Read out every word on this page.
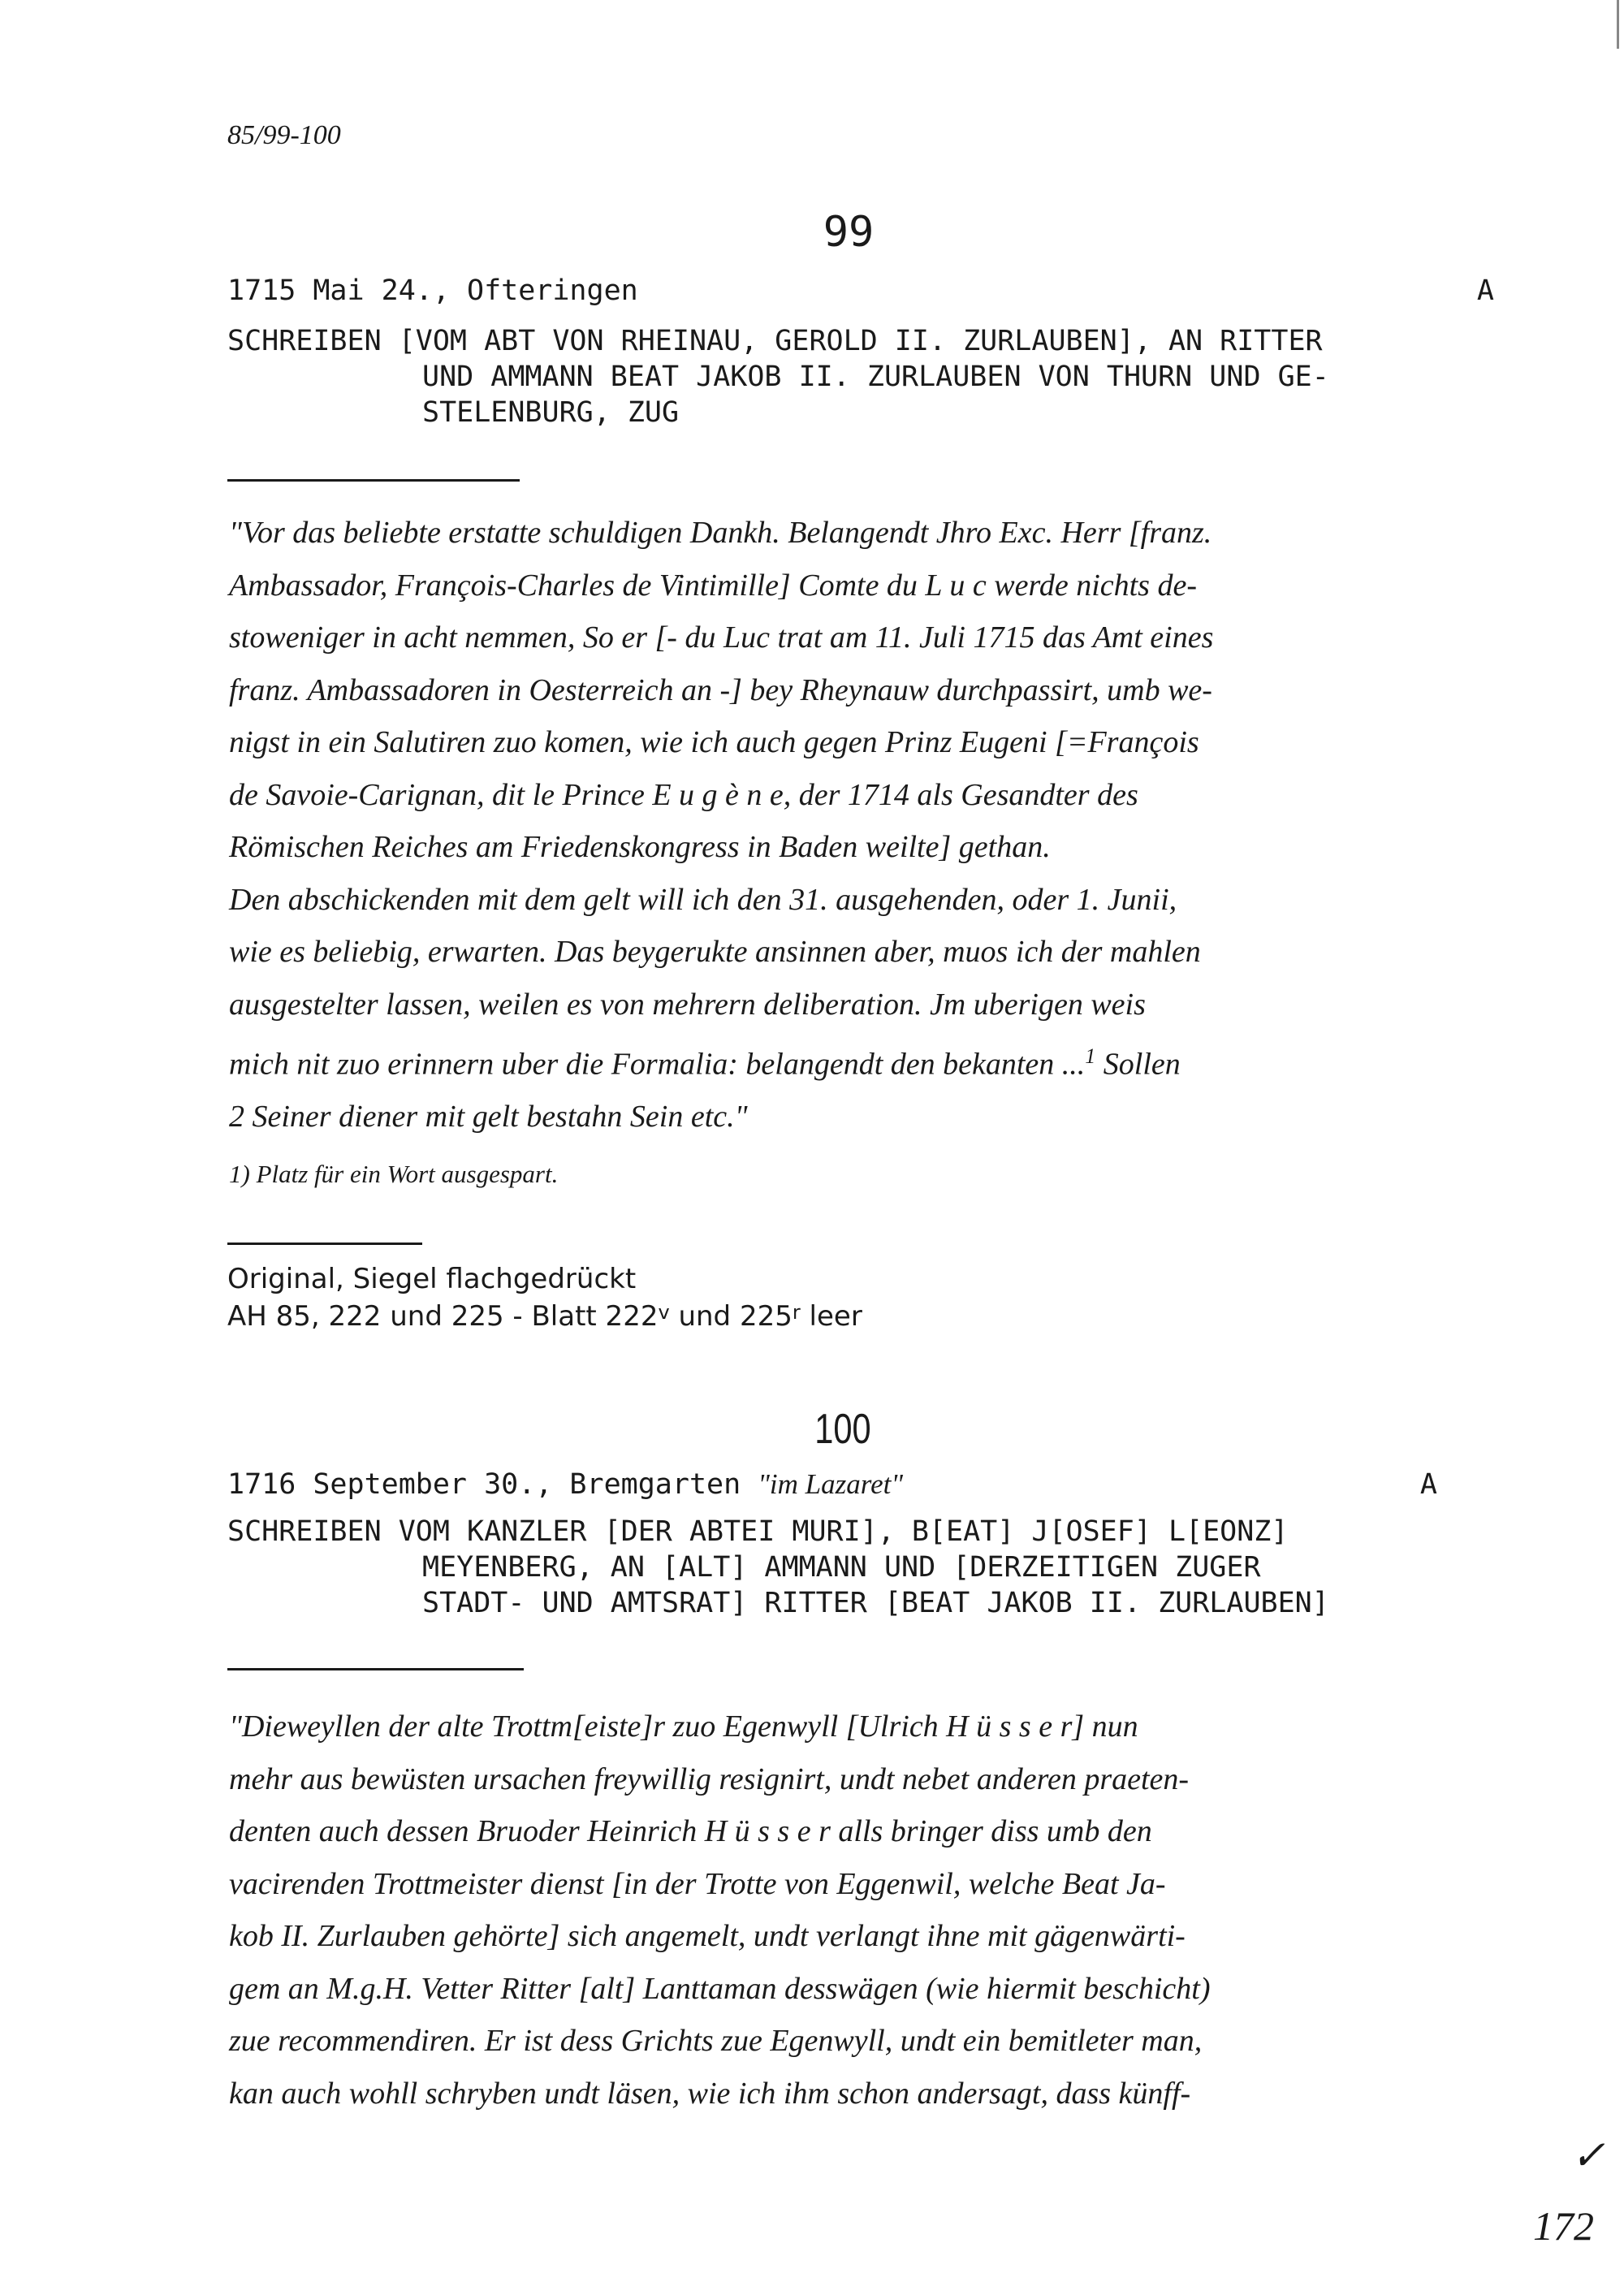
85/99-100
99
1715 Mai 24., Ofteringen	A
SCHREIBEN [VOM ABT VON RHEINAU, GEROLD II. ZURLAUBEN], AN RITTER
UND AMMANN BEAT JAKOB II. ZURLAUBEN VON THURN UND GE-
STELENBURG, ZUG
"Vor das beliebte erstatte schuldigen Dankh. Belangendt Jhro Exc. Herr [franz.
Ambassador, François-Charles de Vintimille] Comte du L u c werde nichts de-
stoweniger in acht nemmen, So er [- du Luc trat am 11. Juli 1715 das Amt eines
franz. Ambassadoren in Oesterreich an -] bey Rheynauw durchpassirt, umb we-
nigst in ein Salutiren zuo komen, wie ich auch gegen Prinz Eugeni [=François
de Savoie-Carignan, dit le Prince E u g è n e, der 1714 als Gesandter des
Römischen Reiches am Friedenskongress in Baden weilte] gethan.
Den abschickenden mit dem gelt will ich den 31. ausgehenden, oder 1. Junii,
wie es beliebig, erwarten. Das beygerukte ansinnen aber, muos ich der mahlen
ausgestelter lassen, weilen es von mehrern deliberation. Jm uberigen weis
mich nit zuo erinnern uber die Formalia: belangendt den bekanten ...$^1$ Sollen
2 Seiner diener mit gelt bestahn Sein etc."
1) Platz für ein Wort ausgespart.
Original, Siegel flachgedrückt
AH 85, 222 und 225 - Blatt 222$^v$ und 225$^r$ leer
100
1716 September 30., Bremgarten "im Lazaret"	A
SCHREIBEN VOM KANZLER [DER ABTEI MURI], B[EAT] J[OSEF] L[EONZ]
MEYENBERG, AN [ALT] AMMANN UND [DERZEITIGEN ZUGER
STADT- UND AMTSRAT] RITTER [BEAT JAKOB II. ZURLAUBEN]
"Dieweyllen der alte Trottm[eiste]r zuo Egenwyll [Ulrich H ü s s e r] nun
mehr aus bewüsten ursachen freywillig resignirt, undt nebet anderen praeten-
denten auch dessen Bruoder Heinrich H ü s s e r alls bringer diss umb den
vacirenden Trottmeister dienst [in der Trotte von Eggenwil, welche Beat Ja-
kob II. Zurlauben gehörte] sich angemelt, undt verlangt ihne mit gägenwärti-
gem an M.g.H. Vetter Ritter [alt] Lanttaman desswägen (wie hiermit beschicht)
zue recommendiren. Er ist dess Grichts zue Egenwyll, undt ein bemitleter man,
kan auch wohll schryben undt läsen, wie ich ihm schon andersagt, dass künff-
✓
172
